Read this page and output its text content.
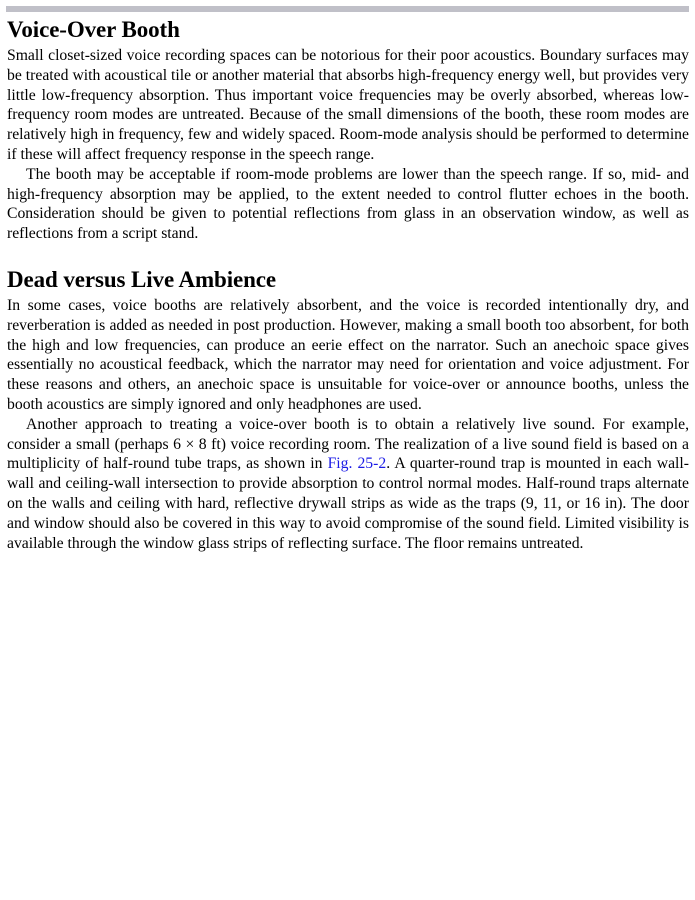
Voice-Over Booth

Small closet-sized voice recording spaces can be notorious for their poor acoustics. Boundary surfaces may be treated with acoustical tile or another material that absorbs high-frequency energy well, but provides very little low-frequency absorption. Thus important voice frequencies may be overly absorbed, whereas low-frequency room modes are untreated. Because of the small dimensions of the booth, these room modes are relatively high in frequency, few and widely spaced. Room-mode analysis should be performed to determine if these will affect frequency response in the speech range.

The booth may be acceptable if room-mode problems are lower than the speech range. If so, mid- and high-frequency absorption may be applied, to the extent needed to control flutter echoes in the booth. Consideration should be given to potential reflections from glass in an observation window, as well as reflections from a script stand.

Dead versus Live Ambience

In some cases, voice booths are relatively absorbent, and the voice is recorded intentionally dry, and reverberation is added as needed in post production. However, making a small booth too absorbent, for both the high and low frequencies, can produce an eerie effect on the narrator. Such an anechoic space gives essentially no acoustical feedback, which the narrator may need for orientation and voice adjustment. For these reasons and others, an anechoic space is unsuitable for voice-over or announce booths, unless the booth acoustics are simply ignored and only headphones are used.

Another approach to treating a voice-over booth is to obtain a relatively live sound. For example, consider a small (perhaps 6 × 8 ft) voice recording room. The realization of a live sound field is based on a multiplicity of half-round tube traps, as shown in Fig. 25-2. A quarter-round trap is mounted in each wall-wall and ceiling-wall intersection to provide absorption to control normal modes. Half-round traps alternate on the walls and ceiling with hard, reflective drywall strips as wide as the traps (9, 11, or 16 in). The door and window should also be covered in this way to avoid compromise of the sound field. Limited visibility is available through the window glass strips of reflecting surface. The floor remains untreated.
